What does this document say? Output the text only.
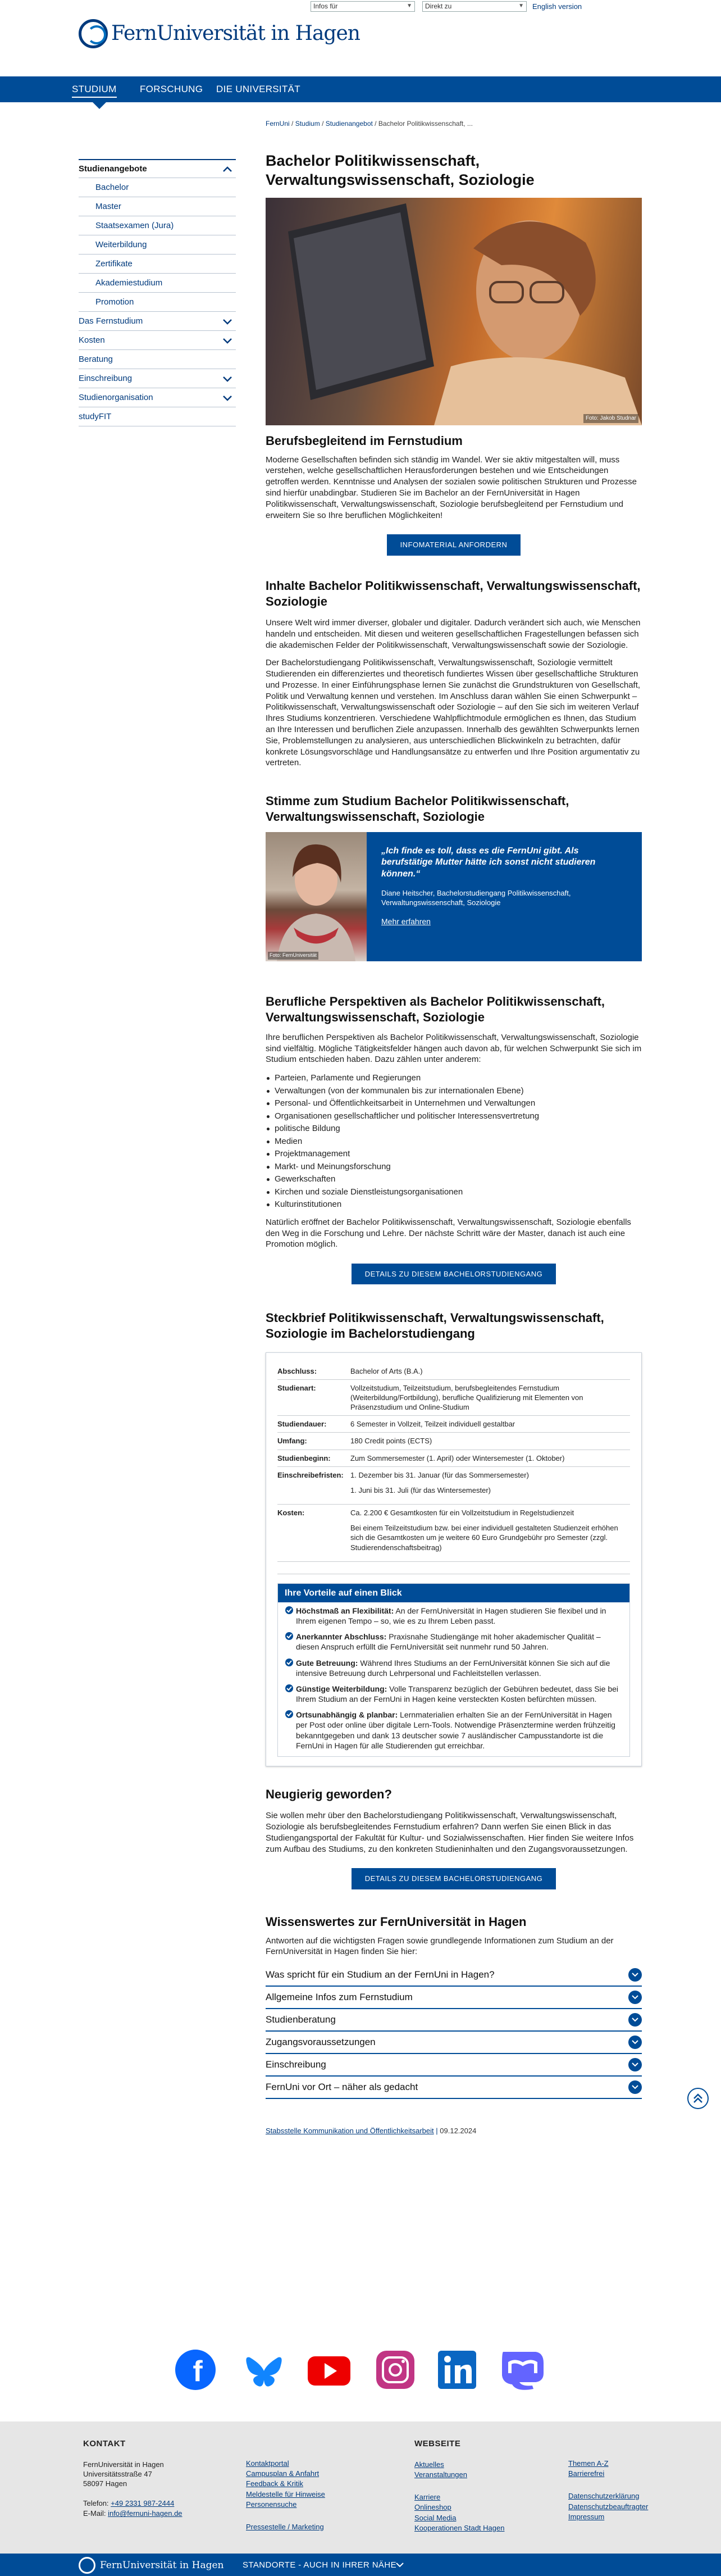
FernUniversität in Hagen
Infos für	▼	Direkt zu	▼ English version
STUDIUM FORSCHUNG DIE UNIVERSITÄT
FernUni / Studium / Studienangebot / Bachelor Politikwissenschaft, ...
Studienangebote
Bachelor
Master
Staatsexamen (Jura)
Weiterbildung
Zertifikate
Akademiestudium
Promotion
Das Fernstudium
Kosten
Beratung
Einschreibung
Studienorganisation
studyFIT
Bachelor Politikwissenschaft, Verwaltungswissenschaft, Soziologie
Foto: Jakob Studnar
Berufsbegleitend im Fernstudium

Moderne Gesellschaften befinden sich ständig im Wandel. Wer sie aktiv mitgestalten will, muss verstehen, welche gesellschaftlichen Herausforderungen bestehen und wie Entscheidungen getroffen werden. Kenntnisse und Analysen der sozialen sowie politischen Strukturen und Prozesse sind hierfür unabdingbar. Studieren Sie im Bachelor an der FernUniversität in Hagen Politikwissenschaft, Verwaltungswissenschaft, Soziologie berufsbegleitend per Fernstudium und erweitern Sie so Ihre beruflichen Möglichkeiten!

INFOMATERIAL ANFORDERN
Inhalte Bachelor Politikwissenschaft, Verwaltungswissenschaft, Soziologie

Unsere Welt wird immer diverser, globaler und digitaler. Dadurch verändert sich auch, wie Menschen handeln und entscheiden. Mit diesen und weiteren gesellschaftlichen Fragestellungen befassen sich die akademischen Felder der Politikwissenschaft, Verwaltungswissenschaft sowie der Soziologie.

Der Bachelorstudiengang Politikwissenschaft, Verwaltungswissenschaft, Soziologie vermittelt Studierenden ein differenziertes und theoretisch fundiertes Wissen über gesellschaftliche Strukturen und Prozesse. In einer Einführungsphase lernen Sie zunächst die Grundstrukturen von Gesellschaft, Politik und Verwaltung kennen und verstehen. Im Anschluss daran wählen Sie einen Schwerpunkt – Politikwissenschaft, Verwaltungswissenschaft oder Soziologie – auf den Sie sich im weiteren Verlauf Ihres Studiums konzentrieren. Verschiedene Wahlpflichtmodule ermöglichen es Ihnen, das Studium an Ihre Interessen und beruflichen Ziele anzupassen. Innerhalb des gewählten Schwerpunkts lernen Sie, Problemstellungen zu analysieren, aus unterschiedlichen Blickwinkeln zu betrachten, dafür konkrete Lösungsvorschläge und Handlungsansätze zu entwerfen und Ihre Position argumentativ zu vertreten.

Stimme zum Studium Bachelor Politikwissenschaft, Verwaltungswissenschaft, Soziologie
Foto: FernUniversität
„Ich finde es toll, dass es die FernUni gibt. Als berufstätige Mutter hätte ich sonst nicht studieren können.“
Diane Heitscher, Bachelorstudiengang Politikwissenschaft, Verwaltungswissenschaft, Soziologie
Mehr erfahren
Berufliche Perspektiven als Bachelor Politikwissenschaft, Verwaltungswissenschaft, Soziologie

Ihre beruflichen Perspektiven als Bachelor Politikwissenschaft, Verwaltungswissenschaft, Soziologie sind vielfältig. Mögliche Tätigkeitsfelder hängen auch davon ab, für welchen Schwerpunkt Sie sich im Studium entschieden haben. Dazu zählen unter anderem:

Parteien, Parlamente und Regierungen
Verwaltungen (von der kommunalen bis zur internationalen Ebene)
Personal- und Öffentlichkeitsarbeit in Unternehmen und Verwaltungen
Organisationen gesellschaftlicher und politischer Interessensvertretung
politische Bildung
Medien
Projektmanagement
Markt- und Meinungsforschung
Gewerkschaften
Kirchen und soziale Dienstleistungsorganisationen
Kulturinstitutionen

Natürlich eröffnet der Bachelor Politikwissenschaft, Verwaltungswissenschaft, Soziologie ebenfalls den Weg in die Forschung und Lehre. Der nächste Schritt wäre der Master, danach ist auch eine Promotion möglich.

DETAILS ZU DIESEM BACHELORSTUDIENGANG
Steckbrief Politikwissenschaft, Verwaltungswissenschaft, Soziologie im Bachelorstudiengang
Abschluss:	Bachelor of Arts (B.A.)
Studienart:	Vollzeitstudium, Teilzeitstudium, berufsbegleitendes Fernstudium (Weiterbildung/Fortbildung), berufliche Qualifizierung mit Elementen von Präsenzstudium und Online-Studium
Studiendauer:	6 Semester in Vollzeit, Teilzeit individuell gestaltbar
Umfang:	180 Credit points (ECTS)
Studienbeginn:	Zum Sommersemester (1. April) oder Wintersemester (1. Oktober)
Einschreibefristen: 1. Dezember bis 31. Januar (für das Sommersemester)
1. Juni bis 31. Juli (für das Wintersemester)
Kosten:	Ca. 2.200 € Gesamtkosten für ein Vollzeitstudium in Regelstudienzeit
Bei einem Teilzeitstudium bzw. bei einer individuell gestalteten Studienzeit erhöhen sich die Gesamtkosten um je weitere 60 Euro Grundgebühr pro Semester (zzgl. Studierendenschaftsbeitrag)
Ihre Vorteile auf einen Blick
Höchstmaß an Flexibilität: An der FernUniversität in Hagen studieren Sie flexibel und in Ihrem eigenen Tempo – so, wie es zu Ihrem Leben passt.
Anerkannter Abschluss: Praxisnahe Studiengänge mit hoher akademischer Qualität – diesen Anspruch erfüllt die FernUniversität seit nunmehr rund 50 Jahren.
Gute Betreuung: Während Ihres Studiums an der FernUniversität können Sie sich auf die intensive Betreuung durch Lehrpersonal und Fachleitstellen verlassen.
Günstige Weiterbildung: Volle Transparenz bezüglich der Gebühren bedeutet, dass Sie bei Ihrem Studium an der FernUni in Hagen keine versteckten Kosten befürchten müssen.
Ortsunabhängig & planbar: Lernmaterialien erhalten Sie an der FernUniversität in Hagen per Post oder online über digitale Lern-Tools. Notwendige Präsenztermine werden frühzeitig bekanntgegeben und dank 13 deutscher sowie 7 ausländischer Campusstandorte ist die FernUni in Hagen für alle Studierenden gut erreichbar.
Neugierig geworden?

Sie wollen mehr über den Bachelorstudiengang Politikwissenschaft, Verwaltungswissenschaft, Soziologie als berufsbegleitendes Fernstudium erfahren? Dann werfen Sie einen Blick in das Studiengangsportal der Fakultät für Kultur- und Sozialwissenschaften. Hier finden Sie weitere Infos zum Aufbau des Studiums, zu den konkreten Studieninhalten und den Zugangsvoraussetzungen.

DETAILS ZU DIESEM BACHELORSTUDIENGANG
Wissenswertes zur FernUniversität in Hagen

Antworten auf die wichtigsten Fragen sowie grundlegende Informationen zum Studium an der FernUniversität in Hagen finden Sie hier:

Was spricht für ein Studium an der FernUni in Hagen?
Allgemeine Infos zum Fernstudium
Studienberatung
Zugangsvoraussetzungen
Einschreibung
FernUni vor Ort – näher als gedacht
Stabsstelle Kommunikation und Öffentlichkeitsarbeit | 09.12.2024
f
KONTAKT
FernUniversität in Hagen
Universitätsstraße 47
58097 Hagen
Telefon: +49 2331 987-2444
E-Mail: info@fernuni-hagen.de
Kontaktportal
Campusplan & Anfahrt
Feedback & Kritik
Meldestelle für Hinweise
Personensuche
Pressestelle / Marketing
WEBSEITE
Aktuelles
Veranstaltungen
Karriere
Onlineshop
Social Media
Kooperationen Stadt Hagen
Themen A-Z
Barrierefrei
Datenschutzerklärung
Datenschutzbeauftragter
Impressum
FernUniversität in Hagen STANDORTE - AUCH IN IHRER NÄHE
